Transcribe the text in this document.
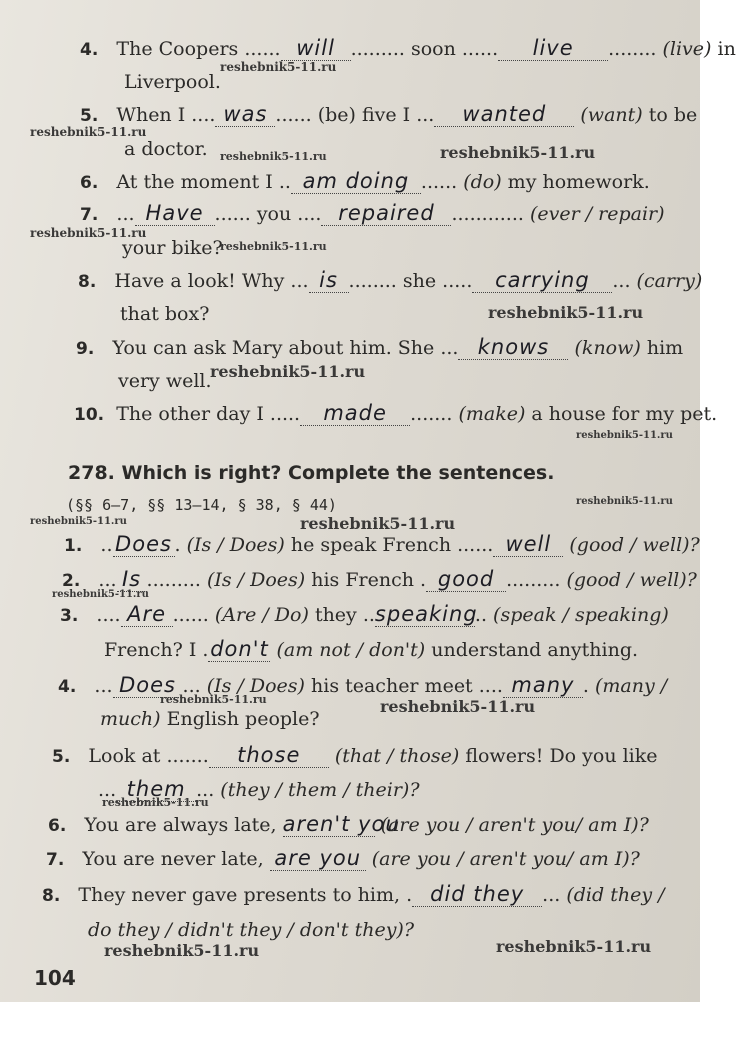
4. The Coopers ...... will ......... soon ...... live ........ (live) in
Liverpool.
5. When I .... was ...... (be) five I ... wanted (want) to be
a doctor.
6. At the moment I .. am doing ...... (do) my homework.
7.   ... Have ...... you .... repaired ............ (ever / repair)
your bike?
8. Have a look! Why ... is ........ she ..... carrying ... (carry)
that box?
9. You can ask Mary about him. She ... knows (know) him
very well.
10. The other day I ..... made ....... (make) a house for my pet.
278. Which is right? Complete the sentences.
(§§ 6–7, §§ 13–14, § 38, § 44)
1.   .. Does . (Is / Does) he speak French ...... well (good / well)?
2.   ... Is ......... (Is / Does) his French . good ......... (good / well)?
3.   .... Are ...... (Are / Do) they ..speaking.. (speak / speaking)
French? I .don't (am not / don't) understand anything.
4.   ... Does ... (Is / Does) his teacher meet .... many . (many /
much) English people?
5. Look at ....... those (that / those) flowers! Do you like
... them ... (they / them / their)?
6. You are always late, aren't you (are you / aren't you/ am I)?
7. You are never late, are you (are you / aren't you/ am I)?
8. They never gave presents to him, . did they ... (did they /
do they / didn't they / don't they)?
104
reshebnik5-11.ru
reshebnik5-11.ru
reshebnik5-11.ru	reshebnik5-11.ru
reshebnik5-11.ru
reshebnik5-11.ru
reshebnik5-11.ru
reshebnik5-11.ru
reshebnik5-11.ru
reshebnik5-11.ru
reshebnik5-11.ru
reshebnik5-11.ru
reshebnik5-11.ru
reshebnik5-11.ru	reshebnik5-11.ru
reshebnik5-11.ru
reshebnik5-11.ru	reshebnik5-11.ru
